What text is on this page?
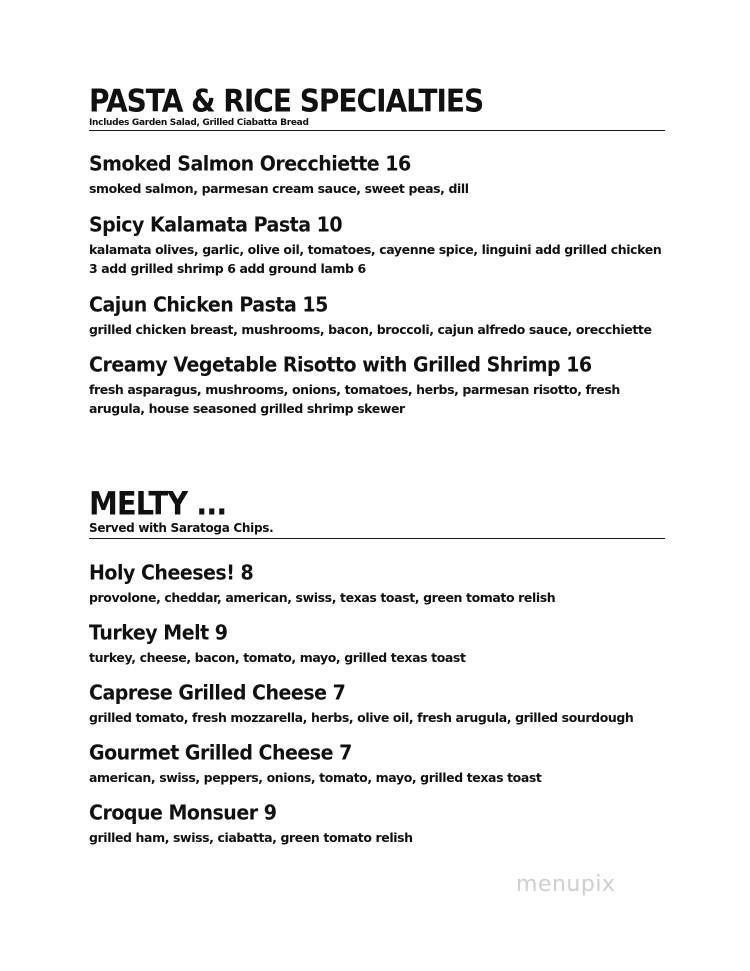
PASTA & RICE SPECIALTIES
Includes Garden Salad, Grilled Ciabatta Bread
Smoked Salmon Orecchiette 16
smoked salmon, parmesan cream sauce, sweet peas, dill
Spicy Kalamata Pasta 10
kalamata olives, garlic, olive oil, tomatoes, cayenne spice, linguini add grilled chicken 3 add grilled shrimp 6 add ground lamb 6
Cajun Chicken Pasta 15
grilled chicken breast, mushrooms, bacon, broccoli, cajun alfredo sauce, orecchiette
Creamy Vegetable Risotto with Grilled Shrimp 16
fresh asparagus, mushrooms, onions, tomatoes, herbs, parmesan risotto, fresh arugula, house seasoned grilled shrimp skewer
MELTY ...
Served with Saratoga Chips.
Holy Cheeses! 8
provolone, cheddar, american, swiss, texas toast, green tomato relish
Turkey Melt 9
turkey, cheese, bacon, tomato, mayo, grilled texas toast
Caprese Grilled Cheese 7
grilled tomato, fresh mozzarella, herbs, olive oil, fresh arugula, grilled sourdough
Gourmet Grilled Cheese 7
american, swiss, peppers, onions, tomato, mayo, grilled texas toast
Croque Monsuer 9
grilled ham, swiss, ciabatta, green tomato relish
menupix
